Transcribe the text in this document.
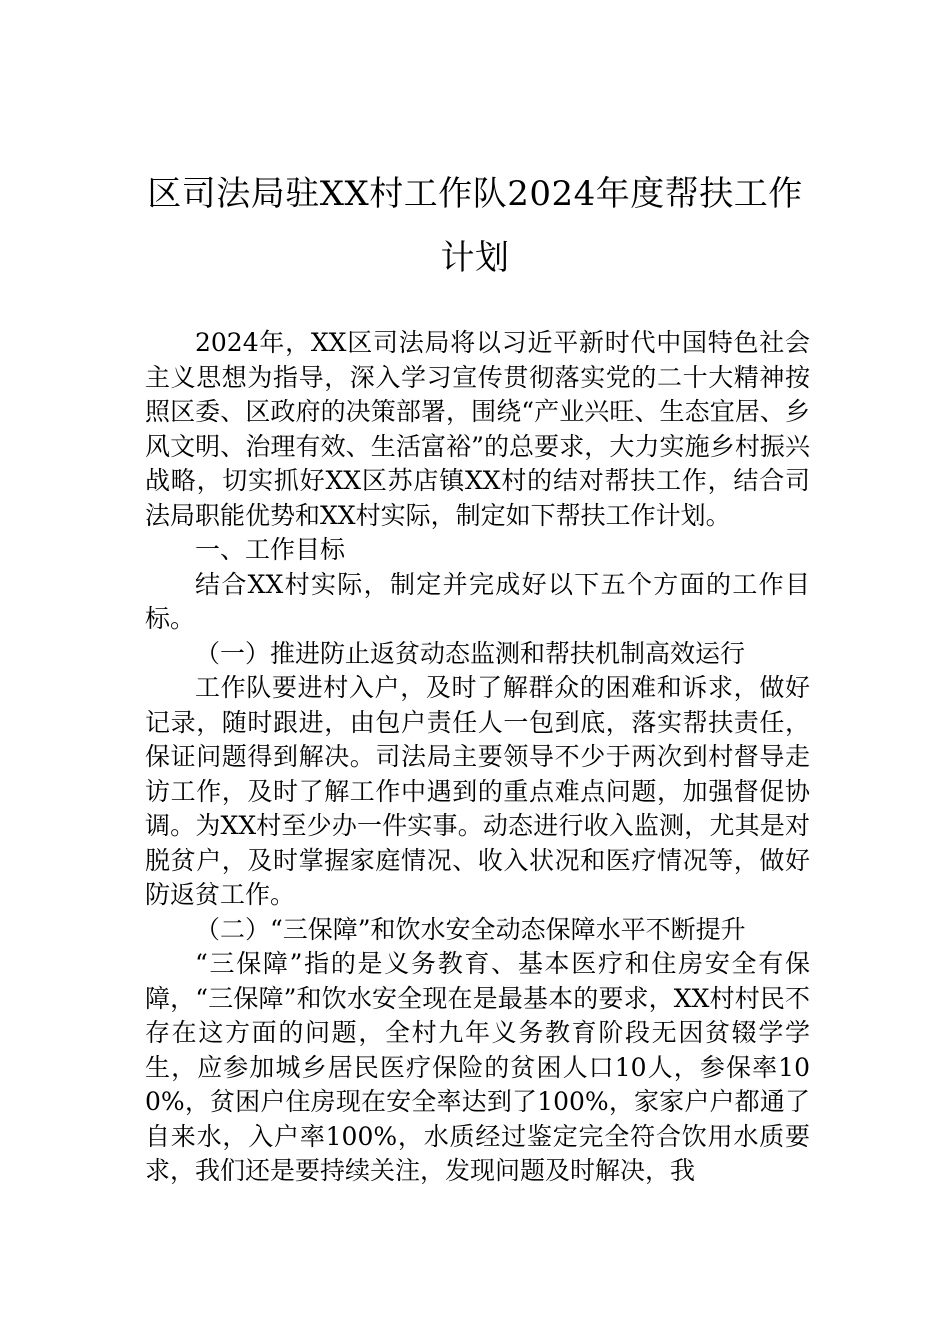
区司法局驻XX村工作队2024年度帮扶工作计划

2024年，XX区司法局将以习近平新时代中国特色社会主义思想为指导，深入学习宣传贯彻落实党的二十大精神按照区委、区政府的决策部署，围绕“产业兴旺、生态宜居、乡风文明、治理有效、生活富裕”的总要求，大力实施乡村振兴战略，切实抓好XX区苏店镇XX村的结对帮扶工作，结合司法局职能优势和XX村实际，制定如下帮扶工作计划。

一、工作目标

结合XX村实际，制定并完成好以下五个方面的工作目标。

（一）推进防止返贫动态监测和帮扶机制高效运行

工作队要进村入户，及时了解群众的困难和诉求，做好记录，随时跟进，由包户责任人一包到底，落实帮扶责任，保证问题得到解决。司法局主要领导不少于两次到村督导走访工作，及时了解工作中遇到的重点难点问题，加强督促协调。为XX村至少办一件实事。动态进行收入监测，尤其是对脱贫户，及时掌握家庭情况、收入状况和医疗情况等，做好防返贫工作。

（二）“三保障”和饮水安全动态保障水平不断提升

“三保障”指的是义务教育、基本医疗和住房安全有保障，“三保障”和饮水安全现在是最基本的要求，XX村村民不存在这方面的问题，全村九年义务教育阶段无因贫辍学学生，应参加城乡居民医疗保险的贫困人口10人，参保率100%，贫困户住房现在安全率达到了100%，家家户户都通了自来水，入户率100%，水质经过鉴定完全符合饮用水质要求，我们还是要持续关注，发现问题及时解决，我
